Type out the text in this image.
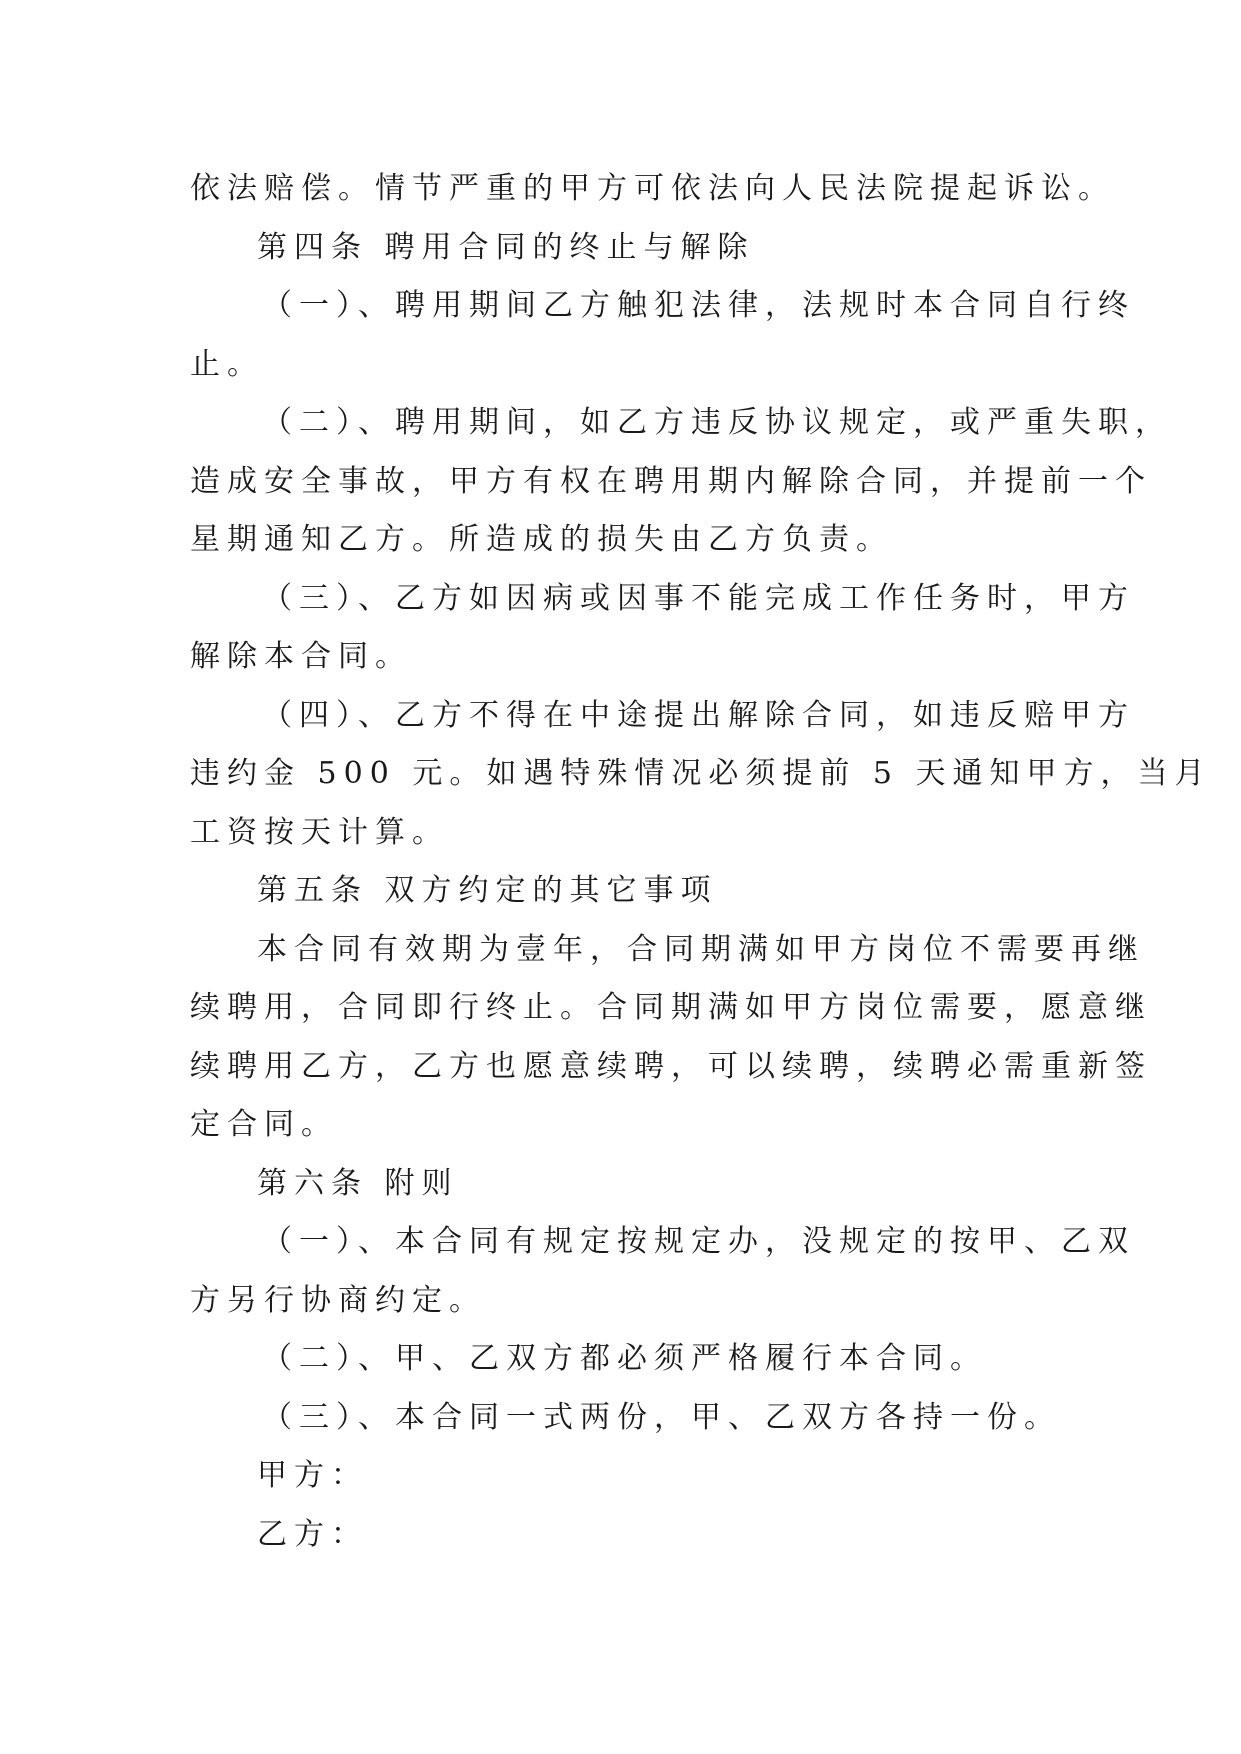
依法赔偿。情节严重的甲方可依法向人民法院提起诉讼。
第四条 聘用合同的终止与解除
（一）、聘用期间乙方触犯法律，法规时本合同自行终
止。
（二）、聘用期间，如乙方违反协议规定，或严重失职，
造成安全事故，甲方有权在聘用期内解除合同，并提前一个
星期通知乙方。所造成的损失由乙方负责。
（三）、乙方如因病或因事不能完成工作任务时，甲方
解除本合同。
（四）、乙方不得在中途提出解除合同，如违反赔甲方
违约金 500 元。如遇特殊情况必须提前 5 天通知甲方，当月
工资按天计算。
第五条 双方约定的其它事项
本合同有效期为壹年，合同期满如甲方岗位不需要再继
续聘用，合同即行终止。合同期满如甲方岗位需要，愿意继
续聘用乙方，乙方也愿意续聘，可以续聘，续聘必需重新签
定合同。
第六条 附则
（一）、本合同有规定按规定办，没规定的按甲、乙双
方另行协商约定。
（二）、甲、乙双方都必须严格履行本合同。
（三）、本合同一式两份，甲、乙双方各持一份。
甲方：
乙方：
